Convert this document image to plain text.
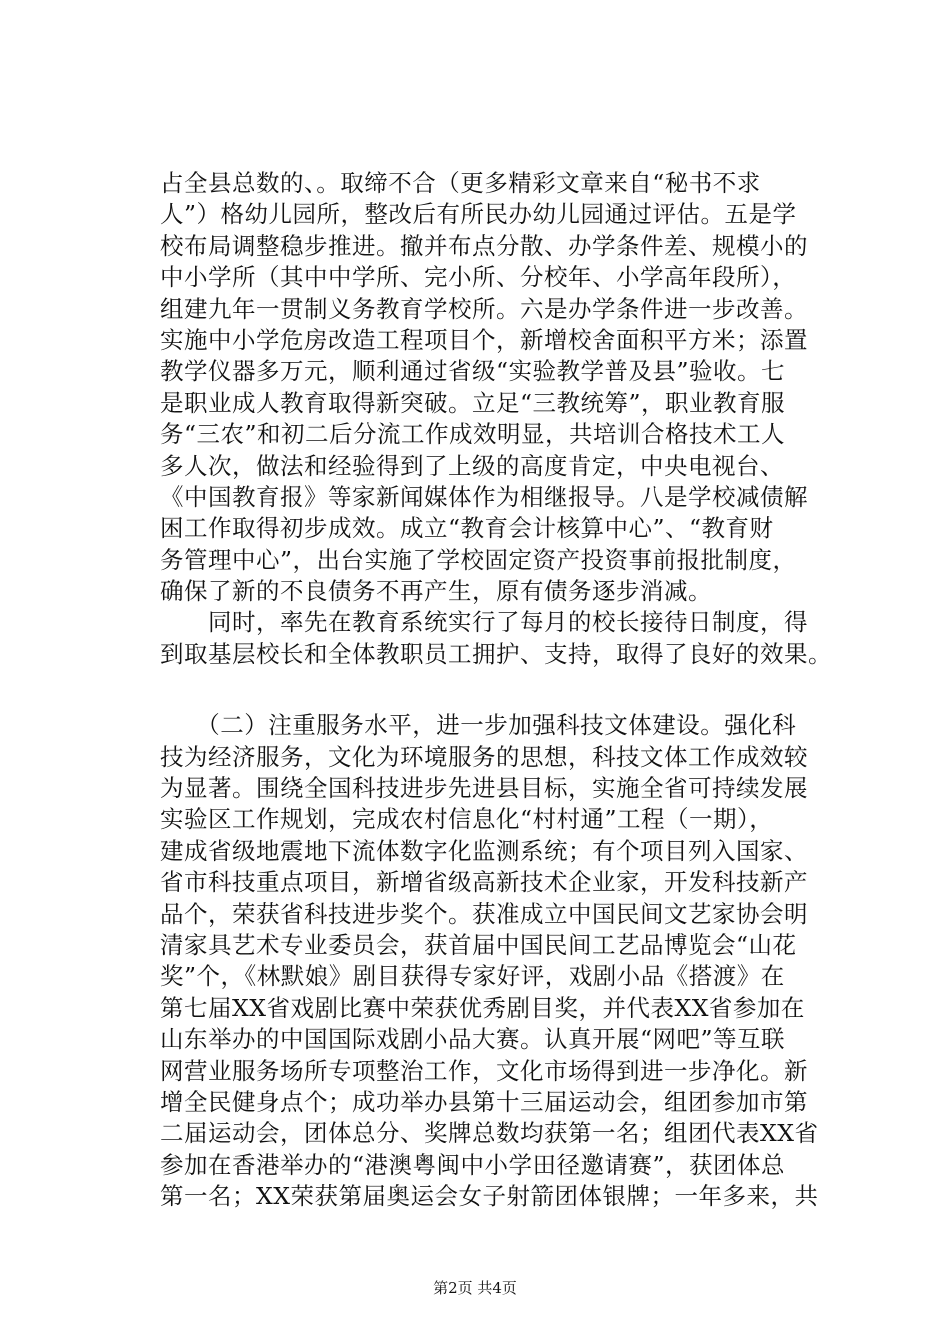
占全县总数的、。取缔不合（更多精彩文章来自“秘书不求
人”）格幼儿园所，整改后有所民办幼儿园通过评估。五是学
校布局调整稳步推进。撤并布点分散、办学条件差、规模小的
中小学所（其中中学所、完小所、分校年、小学高年段所），
组建九年一贯制义务教育学校所。六是办学条件进一步改善。
实施中小学危房改造工程项目个，新增校舍面积平方米；添置
教学仪器多万元，顺利通过省级“实验教学普及县”验收。七
是职业成人教育取得新突破。立足“三教统筹”，职业教育服
务“三农”和初二后分流工作成效明显，共培训合格技术工人
多人次，做法和经验得到了上级的高度肯定，中央电视台、
《中国教育报》等家新闻媒体作为相继报导。八是学校减债解
困工作取得初步成效。成立“教育会计核算中心”、“教育财
务管理中心”，出台实施了学校固定资产投资事前报批制度，
确保了新的不良债务不再产生，原有债务逐步消减。
　　同时，率先在教育系统实行了每月的校长接待日制度，得
到取基层校长和全体教职员工拥护、支持，取得了良好的效果。
　　（二）注重服务水平，进一步加强科技文体建设。强化科
技为经济服务，文化为环境服务的思想，科技文体工作成效较
为显著。围绕全国科技进步先进县目标，实施全省可持续发展
实验区工作规划，完成农村信息化“村村通”工程（一期），
建成省级地震地下流体数字化监测系统；有个项目列入国家、
省市科技重点项目，新增省级高新技术企业家，开发科技新产
品个，荣获省科技进步奖个。获准成立中国民间文艺家协会明
清家具艺术专业委员会，获首届中国民间工艺品博览会“山花
奖”个，《林默娘》剧目获得专家好评，戏剧小品《搭渡》在
第七届XX省戏剧比赛中荣获优秀剧目奖，并代表XX省参加在
山东举办的中国国际戏剧小品大赛。认真开展“网吧”等互联
网营业服务场所专项整治工作，文化市场得到进一步净化。新
增全民健身点个；成功举办县第十三届运动会，组团参加市第
二届运动会，团体总分、奖牌总数均获第一名；组团代表XX省
参加在香港举办的“港澳粤闽中小学田径邀请赛”，获团体总
第一名；XX荣获第届奥运会女子射箭团体银牌；一年多来，共
第2页 共4页
